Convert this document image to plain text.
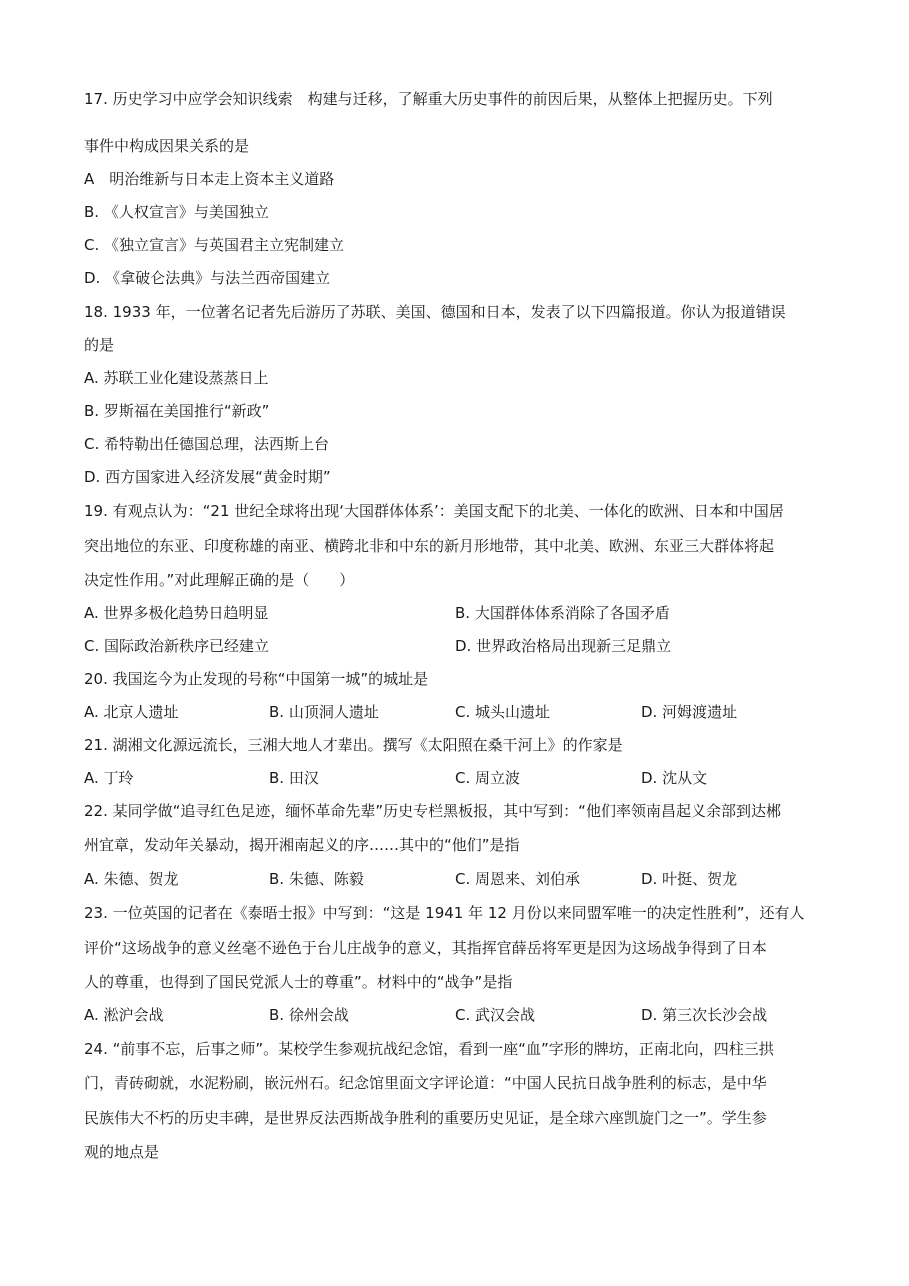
17. 历史学习中应学会知识线索　构建与迁移，了解重大历史事件的前因后果，从整体上把握历史。下列
事件中构成因果关系的是
A　明治维新与日本走上资本主义道路
B. 《人权宣言》与美国独立
C. 《独立宣言》与英国君主立宪制建立
D. 《拿破仑法典》与法兰西帝国建立
18. 1933 年，一位著名记者先后游历了苏联、美国、德国和日本，发表了以下四篇报道。你认为报道错误
的是
A. 苏联工业化建设蒸蒸日上
B. 罗斯福在美国推行“新政”
C. 希特勒出任德国总理，法西斯上台
D. 西方国家进入经济发展“黄金时期”
19. 有观点认为：“21 世纪全球将出现‘大国群体体系’：美国支配下的北美、一体化的欧洲、日本和中国居
突出地位的东亚、印度称雄的南亚、横跨北非和中东的新月形地带，其中北美、欧洲、东亚三大群体将起
决定性作用。”对此理解正确的是（　　）
A. 世界多极化趋势日趋明显	B. 大国群体体系消除了各国矛盾
C. 国际政治新秩序已经建立	D. 世界政治格局出现新三足鼎立
20. 我国迄今为止发现的号称“中国第一城”的城址是
A. 北京人遗址	B. 山顶洞人遗址	C. 城头山遗址	D. 河姆渡遗址
21. 湖湘文化源远流长，三湘大地人才辈出。撰写《太阳照在桑干河上》的作家是
A. 丁玲	B. 田汉	C. 周立波	D. 沈从文
22. 某同学做“追寻红色足迹，缅怀革命先辈”历史专栏黑板报，其中写到：“他们率领南昌起义余部到达郴
州宜章，发动年关暴动，揭开湘南起义的序……其中的“他们”是指
A. 朱德、贺龙	B. 朱德、陈毅	C. 周恩来、刘伯承	D. 叶挺、贺龙
23. 一位英国的记者在《泰晤士报》中写到：“这是 1941 年 12 月份以来同盟军唯一的决定性胜利”，还有人
评价“这场战争的意义丝毫不逊色于台儿庄战争的意义，其指挥官薛岳将军更是因为这场战争得到了日本
人的尊重，也得到了国民党派人士的尊重”。材料中的“战争”是指
A. 淞沪会战	B. 徐州会战	C. 武汉会战	D. 第三次长沙会战
24. “前事不忘，后事之师”。某校学生参观抗战纪念馆，看到一座“血”字形的牌坊，正南北向，四柱三拱
门，青砖砌就，水泥粉刷，嵌沅州石。纪念馆里面文字评论道：“中国人民抗日战争胜利的标志，是中华
民族伟大不朽的历史丰碑，是世界反法西斯战争胜利的重要历史见证，是全球六座凯旋门之一”。学生参
观的地点是
